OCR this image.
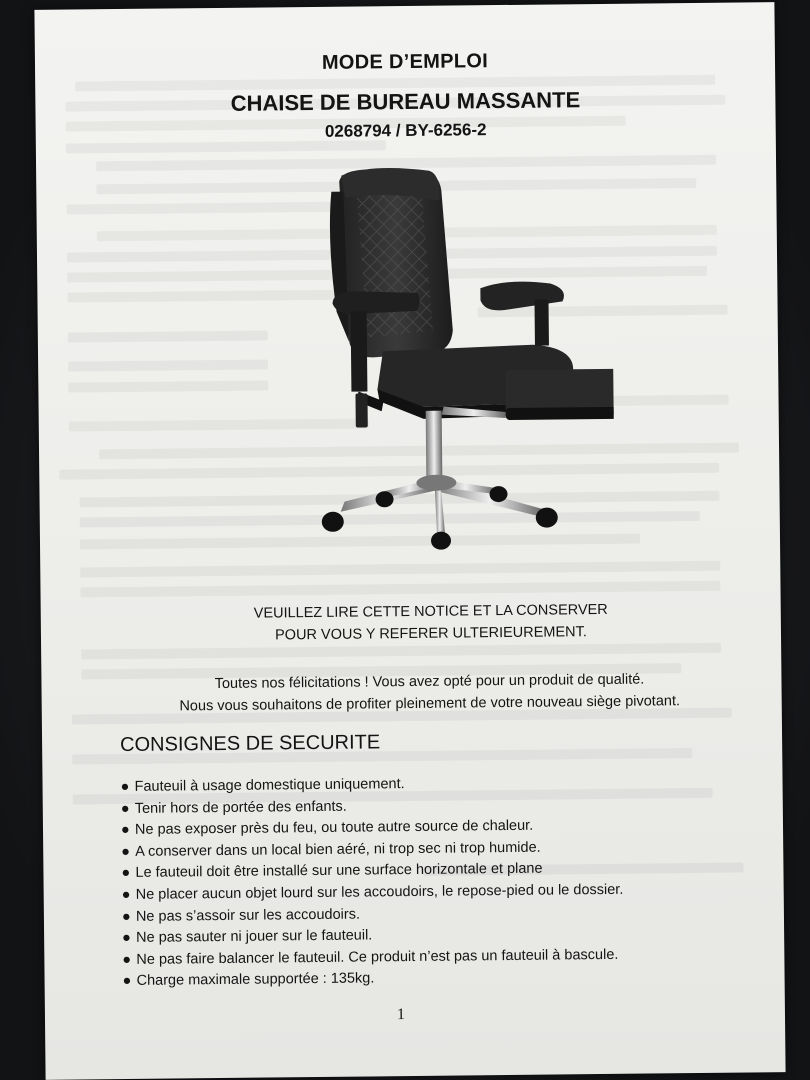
MODE D’EMPLOI
CHAISE DE BUREAU MASSANTE
0268794 / BY-6256-2
VEUILLEZ LIRE CETTE NOTICE ET LA CONSERVER
POUR VOUS Y REFERER ULTERIEUREMENT.
Toutes nos félicitations ! Vous avez opté pour un produit de qualité.
Nous vous souhaitons de profiter pleinement de votre nouveau siège pivotant.
CONSIGNES DE SECURITE
● Fauteuil à usage domestique uniquement.
● Tenir hors de portée des enfants.
● Ne pas exposer près du feu, ou toute autre source de chaleur.
● A conserver dans un local bien aéré, ni trop sec ni trop humide.
● Le fauteuil doit être installé sur une surface horizontale et plane
● Ne placer aucun objet lourd sur les accoudoirs, le repose-pied ou le dossier.
● Ne pas s’assoir sur les accoudoirs.
● Ne pas sauter ni jouer sur le fauteuil.
● Ne pas faire balancer le fauteuil. Ce produit n’est pas un fauteuil à bascule.
● Charge maximale supportée : 135kg.
1
